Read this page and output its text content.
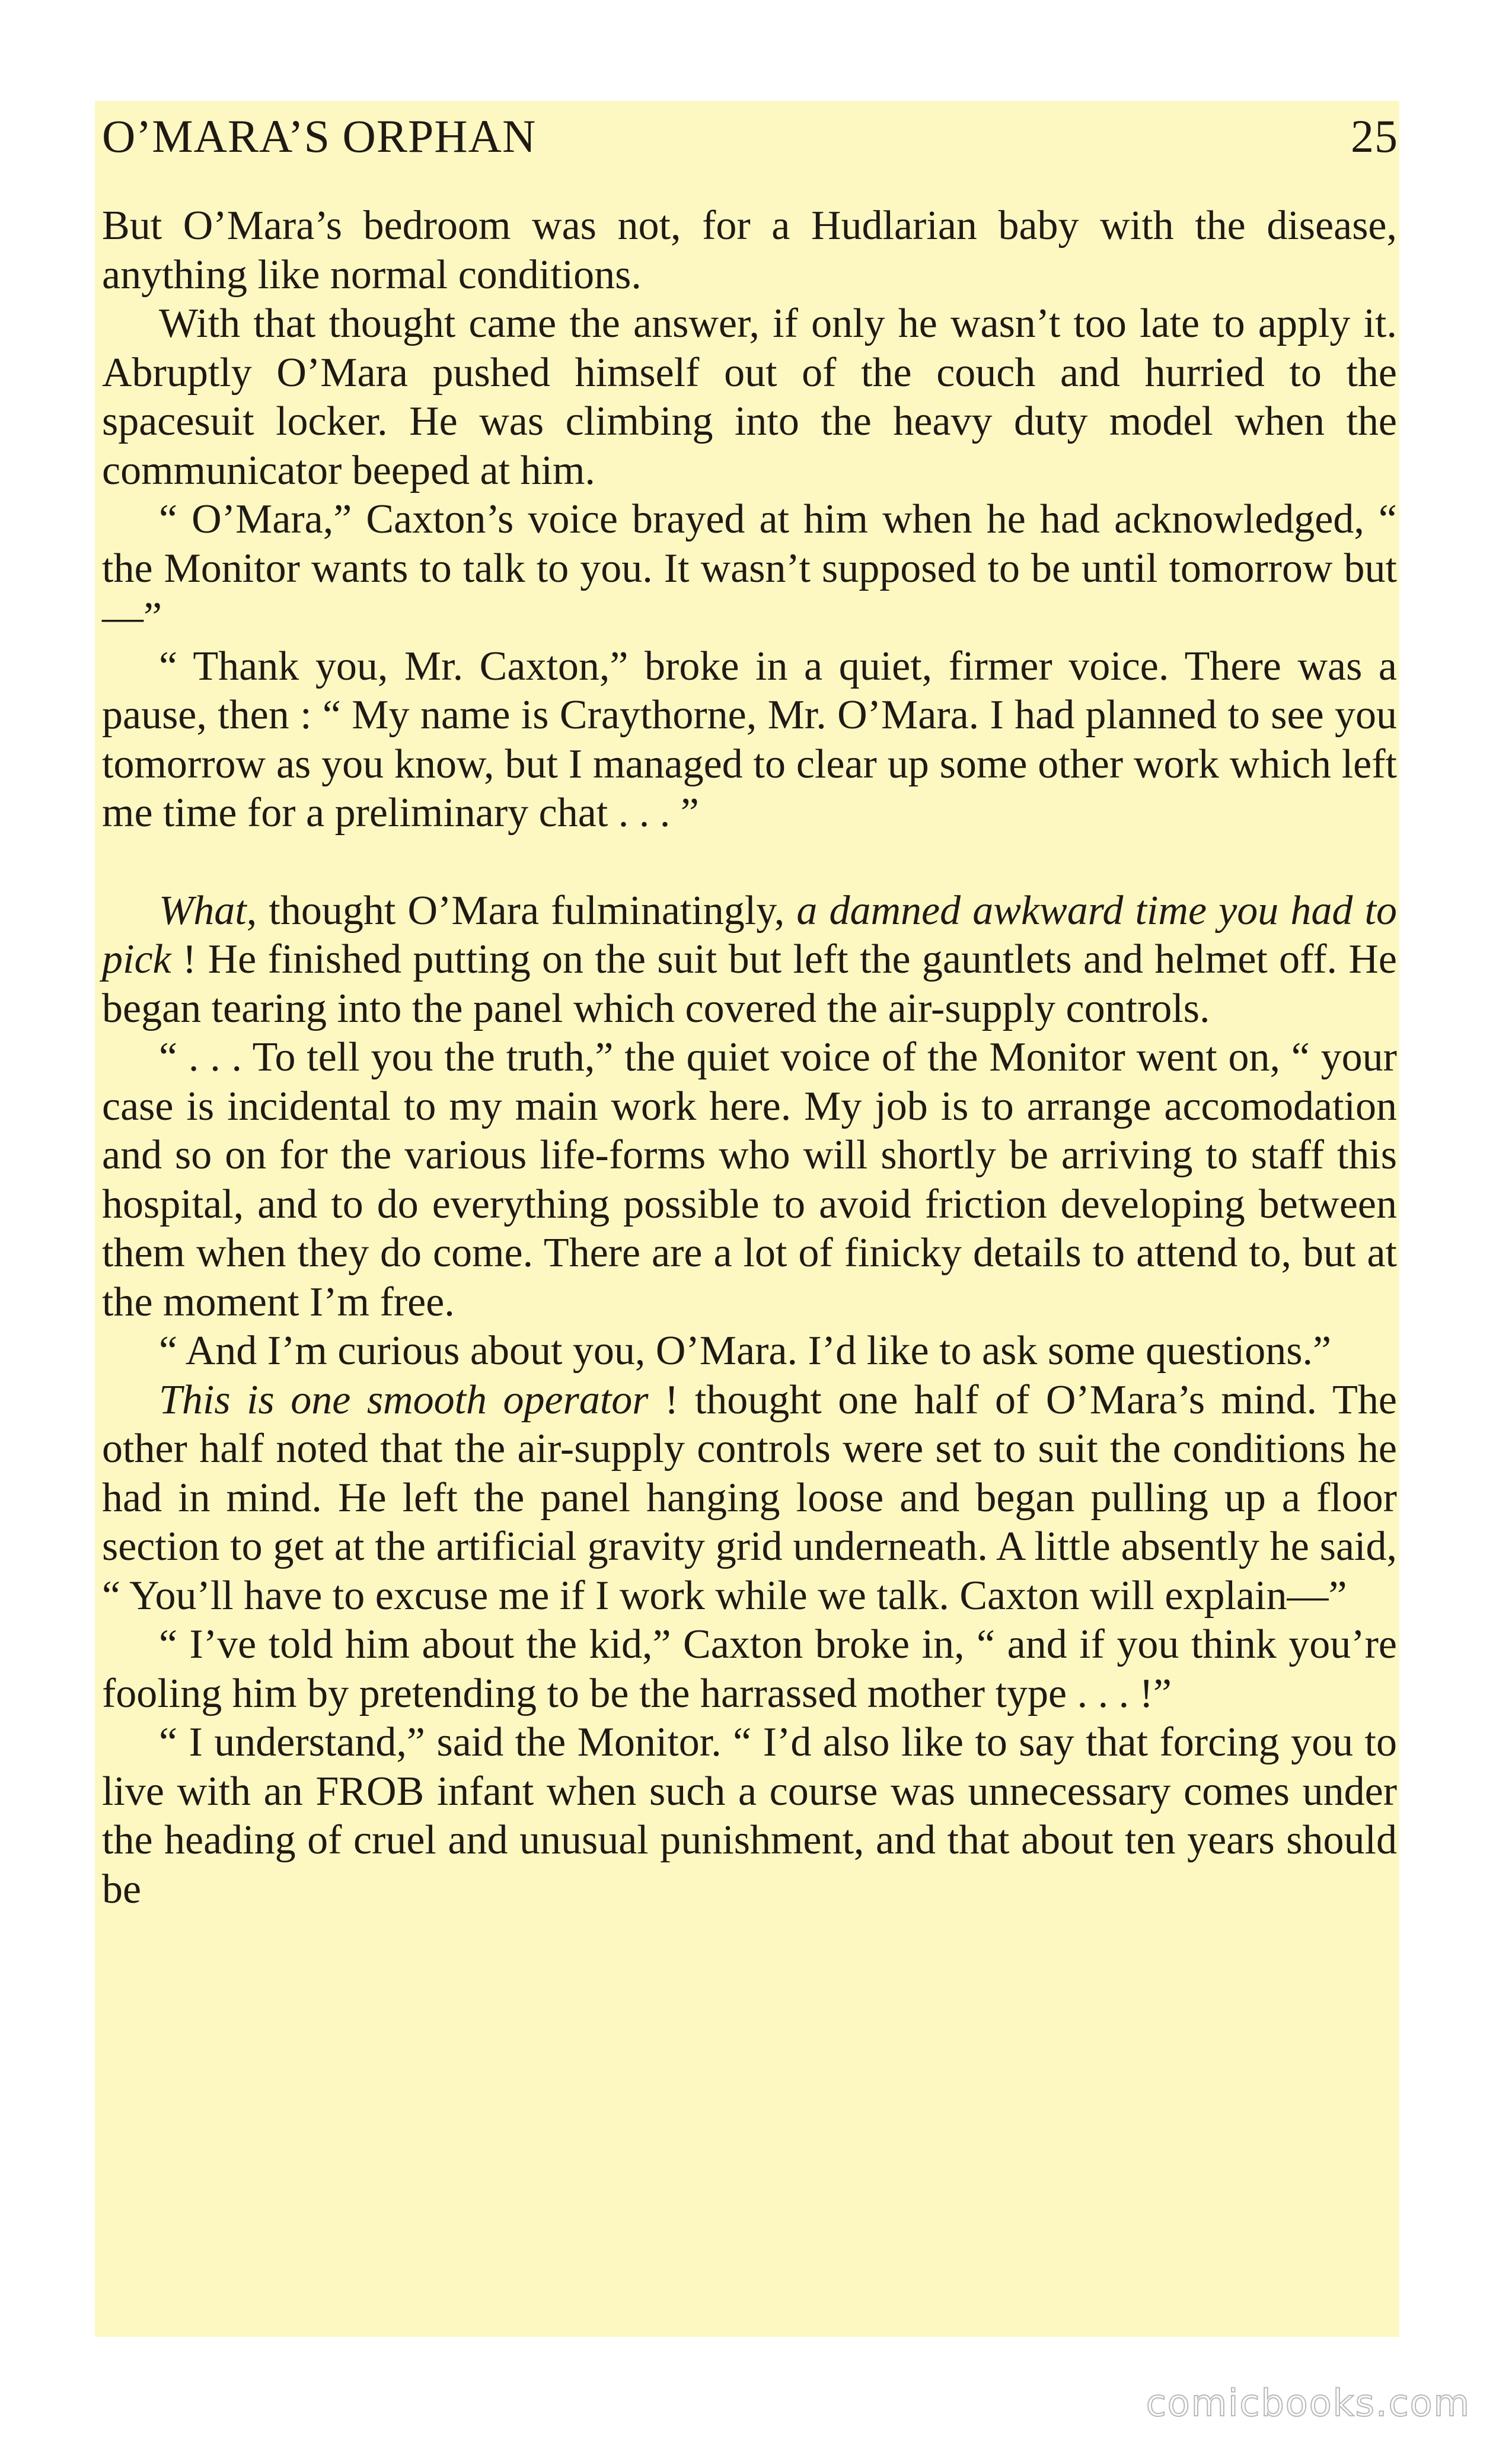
O’MARA’S ORPHAN	25

But O’Mara’s bedroom was not, for a Hudlarian baby with the disease, anything like normal conditions.

With that thought came the answer, if only he wasn’t too late to apply it. Abruptly O’Mara pushed himself out of the couch and hurried to the spacesuit locker. He was climbing into the heavy duty model when the communicator beeped at him.

“ O’Mara,” Caxton’s voice brayed at him when he had acknowledged, “ the Monitor wants to talk to you. It wasn’t supposed to be until tomorrow but—”

“ Thank you, Mr. Caxton,” broke in a quiet, firmer voice. There was a pause, then : “ My name is Craythorne, Mr. O’Mara. I had planned to see you tomorrow as you know, but I managed to clear up some other work which left me time for a preliminary chat . . . ”

What, thought O’Mara fulminatingly, a damned awkward time you had to pick ! He finished putting on the suit but left the gauntlets and helmet off. He began tearing into the panel which covered the air-supply controls.

“ . . . To tell you the truth,” the quiet voice of the Monitor went on, “ your case is incidental to my main work here. My job is to arrange accomodation and so on for the various life-forms who will shortly be arriving to staff this hospital, and to do everything possible to avoid friction developing between them when they do come. There are a lot of finicky details to attend to, but at the moment I’m free.

“ And I’m curious about you, O’Mara. I’d like to ask some questions.”

This is one smooth operator ! thought one half of O’Mara’s mind. The other half noted that the air-supply controls were set to suit the conditions he had in mind. He left the panel hanging loose and began pulling up a floor section to get at the artificial gravity grid underneath. A little absently he said, “ You’ll have to excuse me if I work while we talk. Caxton will explain—”

“ I’ve told him about the kid,” Caxton broke in, “ and if you think you’re fooling him by pretending to be the harrassed mother type . . . !”

“ I understand,” said the Monitor. “ I’d also like to say that forcing you to live with an FROB infant when such a course was unnecessary comes under the heading of cruel and unusual punishment, and that about ten years should be

comicbooks.com
